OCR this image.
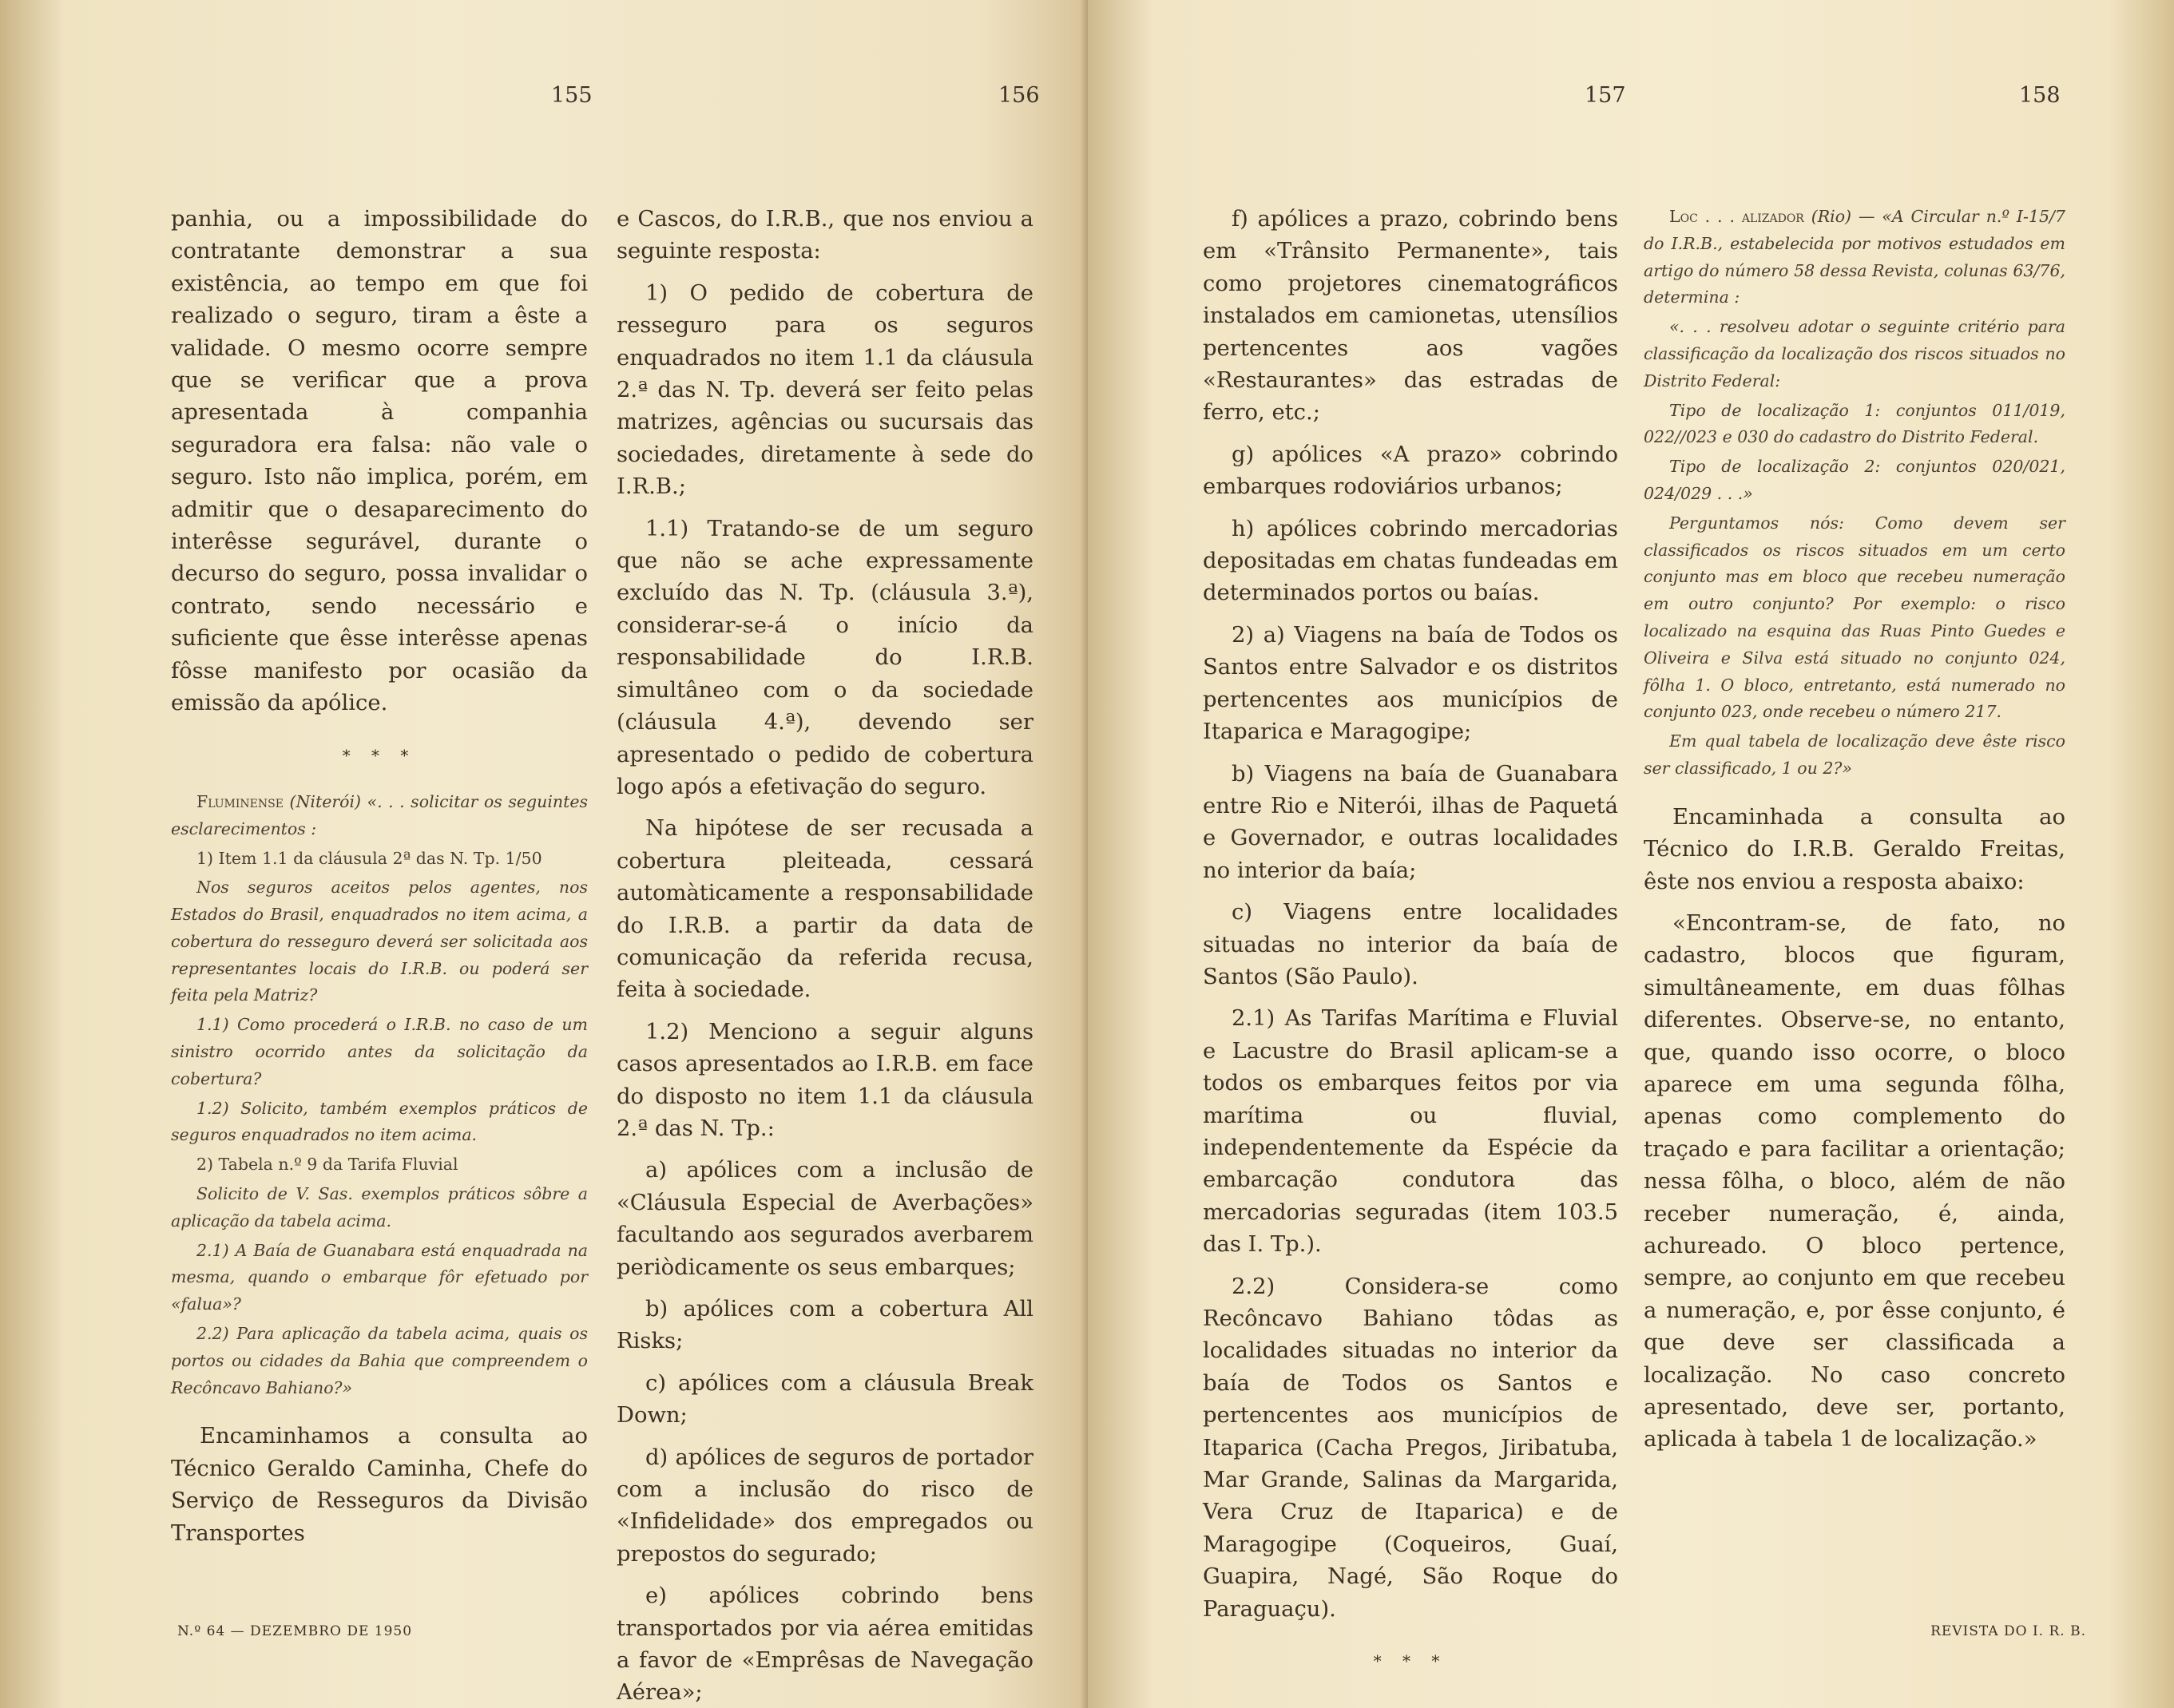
155

panhia, ou a impossibilidade do contratante demonstrar a sua existência, ao tempo em que foi realizado o seguro, tiram a êste a validade. O mesmo ocorre sempre que se verificar que a prova apresentada à companhia seguradora era falsa: não vale o seguro. Isto não implica, porém, em admitir que o desaparecimento do interêsse segurável, durante o decurso do seguro, possa invalidar o contrato, sendo necessário e suficiente que êsse interêsse apenas fôsse manifesto por ocasião da emissão da apólice.

* * *

Fluminense (Niterói) «. . . solicitar os seguintes esclarecimentos :

1) Item 1.1 da cláusula 2ª das N. Tp. 1/50

Nos seguros aceitos pelos agentes, nos Estados do Brasil, enquadrados no item acima, a cobertura do resseguro deverá ser solicitada aos representantes locais do I.R.B. ou poderá ser feita pela Matriz?

1.1) Como procederá o I.R.B. no caso de um sinistro ocorrido antes da solicitação da cobertura?

1.2) Solicito, também exemplos práticos de seguros enquadrados no item acima.

2) Tabela n.º 9 da Tarifa Fluvial

Solicito de V. Sas. exemplos práticos sôbre a aplicação da tabela acima.

2.1) A Baía de Guanabara está enquadrada na mesma, quando o embarque fôr efetuado por «falua»?

2.2) Para aplicação da tabela acima, quais os portos ou cidades da Bahia que compreendem o Recôncavo Bahiano?»

Encaminhamos a consulta ao Técnico Geraldo Caminha, Chefe do Serviço de Resseguros da Divisão Transportes

N.º 64 — DEZEMBRO DE 1950
156

e Cascos, do I.R.B., que nos enviou a seguinte resposta:

1) O pedido de cobertura de resseguro para os seguros enquadrados no item 1.1 da cláusula 2.ª das N. Tp. deverá ser feito pelas matrizes, agências ou sucursais das sociedades, diretamente à sede do I.R.B.;

1.1) Tratando-se de um seguro que não se ache expressamente excluído das N. Tp. (cláusula 3.ª), considerar-se-á o início da responsabilidade do I.R.B. simultâneo com o da sociedade (cláusula 4.ª), devendo ser apresentado o pedido de cobertura logo após a efetivação do seguro.

Na hipótese de ser recusada a cobertura pleiteada, cessará automàticamente a responsabilidade do I.R.B. a partir da data de comunicação da referida recusa, feita à sociedade.

1.2) Menciono a seguir alguns casos apresentados ao I.R.B. em face do disposto no item 1.1 da cláusula 2.ª das N. Tp.:

a) apólices com a inclusão de «Cláusula Especial de Averbações» facultando aos segurados averbarem periòdicamente os seus embarques;

b) apólices com a cobertura All Risks;

c) apólices com a cláusula Break Down;

d) apólices de seguros de portador com a inclusão do risco de «Infidelidade» dos empregados ou prepostos do segurado;

e) apólices cobrindo bens transportados por via aérea emitidas a favor de «Emprêsas de Navegação Aérea»;

157

f) apólices a prazo, cobrindo bens em «Trânsito Permanente», tais como projetores cinematográficos instalados em camionetas, utensílios pertencentes aos vagões «Restaurantes» das estradas de ferro, etc.;

g) apólices «A prazo» cobrindo embarques rodoviários urbanos;

h) apólices cobrindo mercadorias depositadas em chatas fundeadas em determinados portos ou baías.

2) a) Viagens na baía de Todos os Santos entre Salvador e os distritos pertencentes aos municípios de Itaparica e Maragogipe;

b) Viagens na baía de Guanabara entre Rio e Niterói, ilhas de Paquetá e Governador, e outras localidades no interior da baía;

c) Viagens entre localidades situadas no interior da baía de Santos (São Paulo).

2.1) As Tarifas Marítima e Fluvial e Lacustre do Brasil aplicam-se a todos os embarques feitos por via marítima ou fluvial, independentemente da Espécie da embarcação condutora das mercadorias seguradas (item 103.5 das I. Tp.).

2.2) Considera-se como Recôncavo Bahiano tôdas as localidades situadas no interior da baía de Todos os Santos e pertencentes aos municípios de Itaparica (Cacha Pregos, Jiribatuba, Mar Grande, Salinas da Margarida, Vera Cruz de Itaparica) e de Maragogipe (Coqueiros, Guaí, Guapira, Nagé, São Roque do Paraguaçu).

* * *

158

Loc . . . alizador (Rio) — «A Circular n.º I-15/7 do I.R.B., estabelecida por motivos estudados em artigo do número 58 dessa Revista, colunas 63/76, determina :

«. . . resolveu adotar o seguinte critério para classificação da localização dos riscos situados no Distrito Federal:

Tipo de localização 1: conjuntos 011/019, 022//023 e 030 do cadastro do Distrito Federal.

Tipo de localização 2: conjuntos 020/021, 024/029 . . .»

Perguntamos nós: Como devem ser classificados os riscos situados em um certo conjunto mas em bloco que recebeu numeração em outro conjunto? Por exemplo: o risco localizado na esquina das Ruas Pinto Guedes e Oliveira e Silva está situado no conjunto 024, fôlha 1. O bloco, entretanto, está numerado no conjunto 023, onde recebeu o número 217.

Em qual tabela de localização deve êste risco ser classificado, 1 ou 2?»

Encaminhada a consulta ao Técnico do I.R.B. Geraldo Freitas, êste nos enviou a resposta abaixo:

«Encontram-se, de fato, no cadastro, blocos que figuram, simultâneamente, em duas fôlhas diferentes. Observe-se, no entanto, que, quando isso ocorre, o bloco aparece em uma segunda fôlha, apenas como complemento do traçado e para facilitar a orientação; nessa fôlha, o bloco, além de não receber numeração, é, ainda, achureado. O bloco pertence, sempre, ao conjunto em que recebeu a numeração, e, por êsse conjunto, é que deve ser classificada a localização. No caso concreto apresentado, deve ser, portanto, aplicada à tabela 1 de localização.»

REVISTA DO I. R. B.
